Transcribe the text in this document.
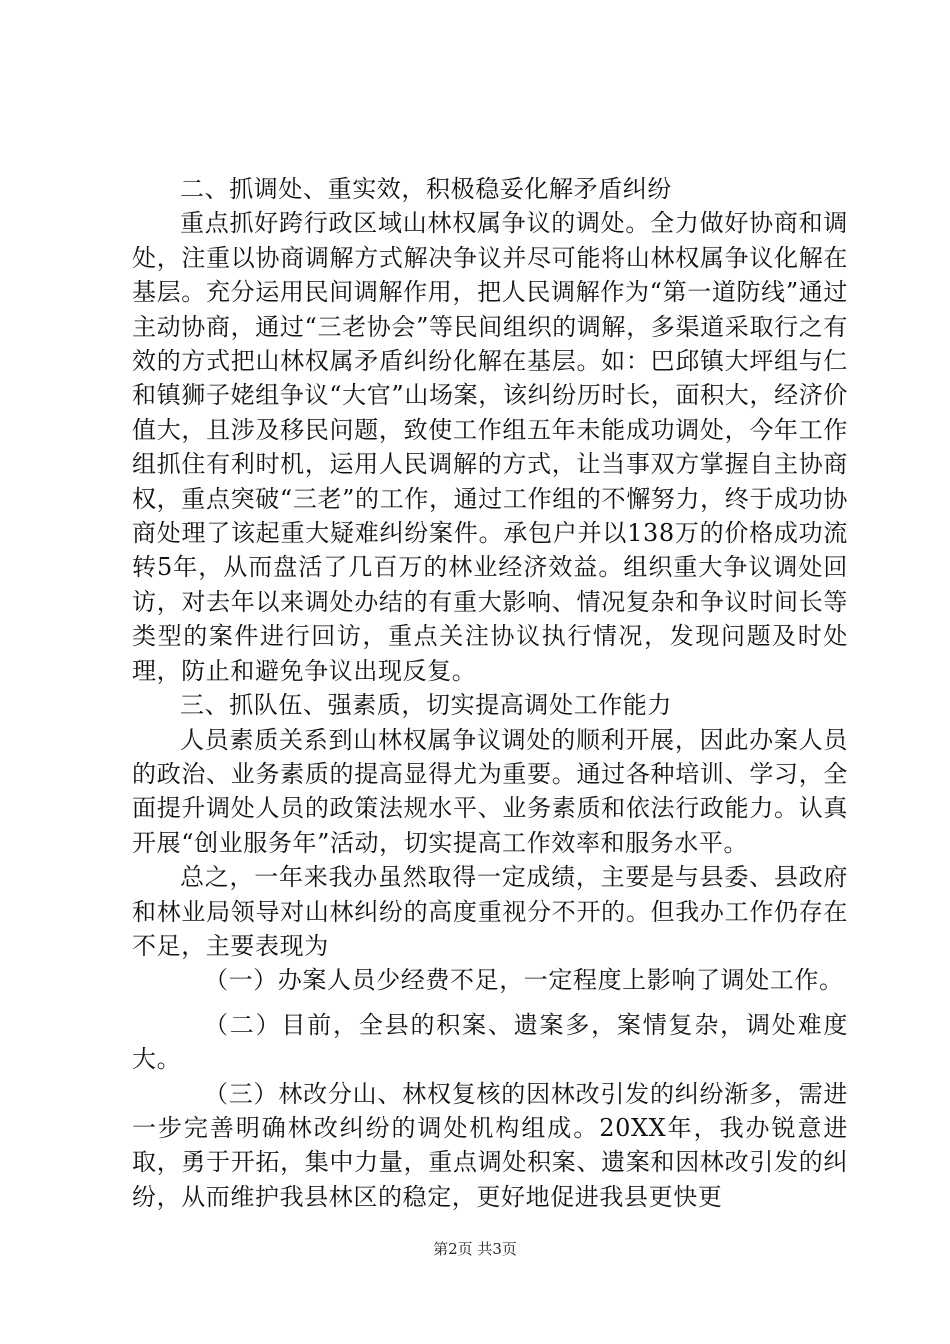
二、抓调处、重实效，积极稳妥化解矛盾纠纷

重点抓好跨行政区域山林权属争议的调处。全力做好协商和调处，注重以协商调解方式解决争议并尽可能将山林权属争议化解在基层。充分运用民间调解作用，把人民调解作为“第一道防线”通过主动协商，通过“三老协会”等民间组织的调解，多渠道采取行之有效的方式把山林权属矛盾纠纷化解在基层。如：巴邱镇大坪组与仁和镇狮子姥组争议“大官”山场案，该纠纷历时长，面积大，经济价值大，且涉及移民问题，致使工作组五年未能成功调处，今年工作组抓住有利时机，运用人民调解的方式，让当事双方掌握自主协商权，重点突破“三老”的工作，通过工作组的不懈努力，终于成功协商处理了该起重大疑难纠纷案件。承包户并以138万的价格成功流转5年，从而盘活了几百万的林业经济效益。组织重大争议调处回访，对去年以来调处办结的有重大影响、情况复杂和争议时间长等类型的案件进行回访，重点关注协议执行情况，发现问题及时处理，防止和避免争议出现反复。

三、抓队伍、强素质，切实提高调处工作能力

人员素质关系到山林权属争议调处的顺利开展，因此办案人员的政治、业务素质的提高显得尤为重要。通过各种培训、学习，全面提升调处人员的政策法规水平、业务素质和依法行政能力。认真开展“创业服务年”活动，切实提高工作效率和服务水平。

总之，一年来我办虽然取得一定成绩，主要是与县委、县政府和林业局领导对山林纠纷的高度重视分不开的。但我办工作仍存在不足，主要表现为

（一）办案人员少经费不足，一定程度上影响了调处工作。

（二）目前，全县的积案、遗案多，案情复杂，调处难度大。

（三）林改分山、林权复核的因林改引发的纠纷渐多，需进一步完善明确林改纠纷的调处机构组成。20XX年，我办锐意进取，勇于开拓，集中力量，重点调处积案、遗案和因林改引发的纠纷，从而维护我县林区的稳定，更好地促进我县更快更

第2页 共3页
